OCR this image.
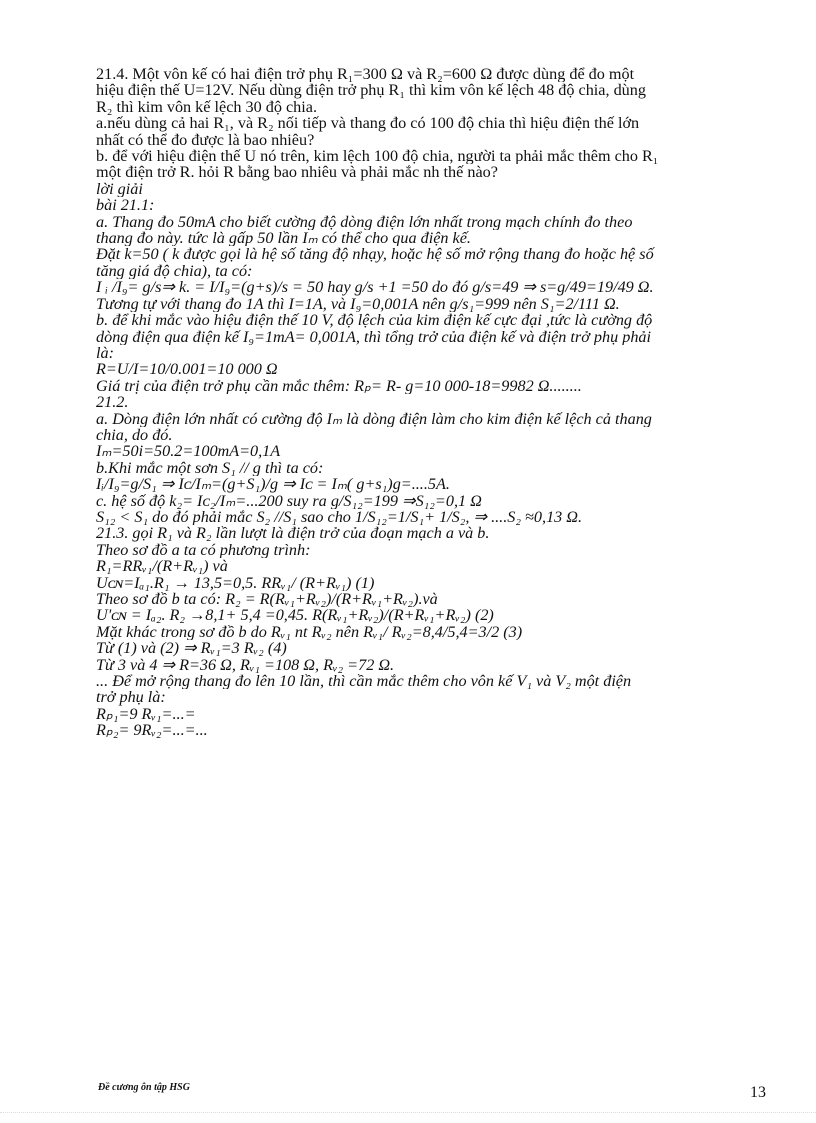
21.4. Một vôn kế có hai điện trở phụ R₁=300 Ω và R₂=600 Ω được dùng để đo một
hiệu điện thế U=12V. Nếu dùng điện trở phụ R₁ thì kim vôn kế lệch 48 độ chia, dùng
R₂ thì kim vôn kế lệch 30 độ chia.
a.nếu dùng cả hai R₁, và R₂ nối tiếp và thang đo có 100 độ chia thì hiệu điện thế lớn
nhất có thể đo được là bao nhiêu?
b. để với hiệu điện thế U nó trên, kim lệch 100 độ chia, người ta phải mắc thêm cho R₁
một điện trở R. hỏi R bằng bao nhiêu và phải mắc nh thế nào?
lời giải
bài 21.1:
a. Thang đo 50mA cho biết cường độ dòng điện lớn nhất trong mạch chính đo theo
thang đo này. tức là gấp 50 lần Iₘ có thể cho qua điện kế.
Đặt k=50 ( k được gọi là hệ số tăng độ nhạy, hoặc hệ số mở rộng thang đo hoặc hệ số
tăng giá độ chia), ta có:
I ᵢ /I₉= g/s⇒ k. = I/I₉=(g+s)/s = 50 hay g/s +1 =50 do đó g/s=49 ⇒ s=g/49=19/49 Ω.
Tương tự với thang đo 1A thì I=1A, và I₉=0,001A nên g/s₁=999 nên S₁=2/111 Ω.
b. để khi mắc vào hiệu điện thế 10 V, độ lệch của kim điện kế cực đại ,tức là cường độ
dòng điện qua điện kế I₉=1mA= 0,001A, thì tổng trở của điện kế và điện trở phụ phải
là:
R=U/I=10/0.001=10 000 Ω
Giá trị của điện trở phụ cần mắc thêm: Rₚ= R- g=10 000-18=9982 Ω........
21.2.
a. Dòng điện lớn nhất có cường độ Iₘ là dòng điện làm cho kim điện kế lệch cả thang
chia, do đó.
Iₘ=50i=50.2=100mA=0,1A
b.Khi mắc một sơn S₁ // g thì ta có:
Iᵢ/I₉=g/S₁ ⇒ Iᴄ/Iₘ=(g+S₁)/g ⇒ Iᴄ = Iₘ( g+s₁)g=....5A.
c. hệ số độ k₂= Iᴄ₂/Iₘ=...200 suy ra g/S₁₂=199 ⇒S₁₂=0,1 Ω
S₁₂ < S₁ do đó phải mắc S₂ //S₁ sao cho 1/S₁₂=1/S₁+ 1/S₂, ⇒ ....S₂ ≈0,13 Ω.
21.3. gọi R₁ và R₂ lần lượt là điện trở của đoạn mạch a và b.
Theo sơ đồ a ta có phương trình:
R₁=RRᵥ₁/(R+Rᵥ₁) và
Uᴄɴ=Iₐ₁.R₁ → 13,5=0,5. RRᵥ₁/ (R+Rᵥ₁) (1)
Theo sơ đồ b ta có: R₂ = R(Rᵥ₁+Rᵥ₂)/(R+Rᵥ₁+Rᵥ₂).và
U'ᴄɴ = Iₐ₂. R₂ →8,1+ 5,4 =0,45. R(Rᵥ₁+Rᵥ₂)/(R+Rᵥ₁+Rᵥ₂) (2)
Mặt khác trong sơ đồ b do Rᵥ₁ nt Rᵥ₂ nên Rᵥ₁/ Rᵥ₂=8,4/5,4=3/2 (3)
Từ (1) và (2) ⇒ Rᵥ₁=3 Rᵥ₂ (4)
Từ 3 và 4 ⇒ R=36 Ω, Rᵥ₁ =108 Ω, Rᵥ₂ =72 Ω.
... Để mở rộng thang đo lên 10 lần, thì cần mắc thêm cho vôn kế V₁ và V₂ một điện
trở phụ là:
Rₚ₁=9 Rᵥ₁=...=
Rₚ₂= 9Rᵥ₂=...=...
Đề cương ôn tập HSG	13
